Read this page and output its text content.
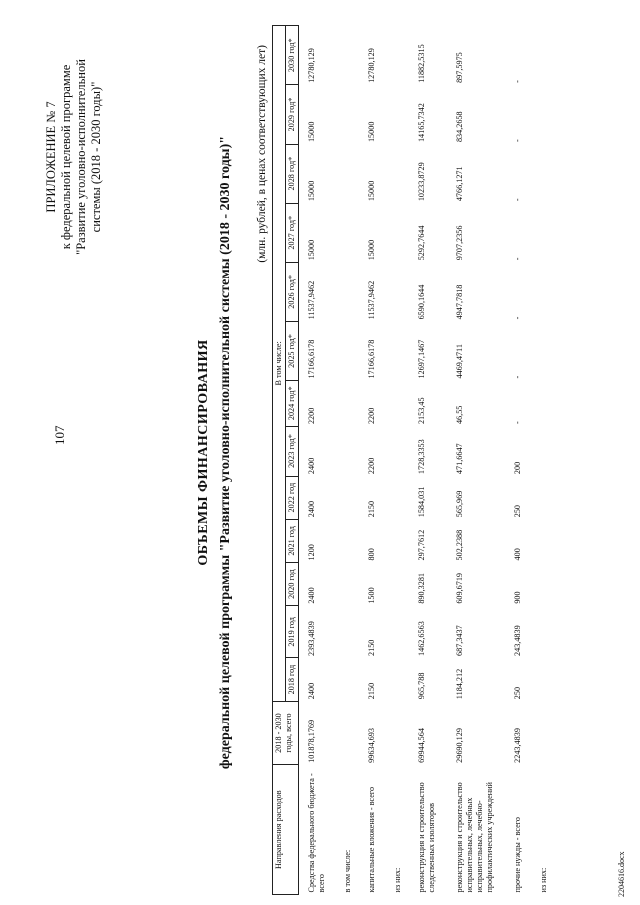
107
ПРИЛОЖЕНИЕ № 7 к федеральной целевой программе "Развитие уголовно-исполнительной системы (2018 - 2030 годы)"
ОБЪЕМЫ ФИНАНСИРОВАНИЯ федеральной целевой программы "Развитие уголовно-исполнительной системы (2018 - 2030 годы)" (млн. рублей, в ценах соответствующих лет)
Направления расходов	2018 - 2030 годы, всего	В том числе:												
		2018 год	2019 год	2020 год	2021 год	2022 год	2023 год*	2024 год*	2025 год*	2026 год*	2027 год*	2028 год*	2029 год*	2030 год*
Средства федерального бюджета - всего	101878,1769	2400	2393,4839	2400	1200	2400	2400	2200	17166,6178	11537,9462	15000	15000	15000	12780,129
в том числе:														
капитальные вложения - всего	99634,693	2150	2150	1500	800	2150	2200	2200	17166,6178	11537,9462	15000	15000	15000	12780,129
из них:														
реконструкция и строительство следственных изоляторов	69944,564	965,788	1462,6563	890,3281	297,7612	1584,031	1728,3353	2153,45	12697,1467	6590,1644	5292,7644	10233,8729	14165,7342	11882,5315
реконструкция и строительство исправительных, лечебных исправительных, лечебно-профилактических учреждений	29690,129	1184,212	687,3437	609,6719	502,2388	565,969	471,6647	46,55	4469,4711	4947,7818	9707,2356	4766,1271	834,2658	897,5975
прочие нужды - всего	2243,4839	250	243,4839	900	400	250	200	-	-	-	-	-	-	-
из них:															2204616.docx
